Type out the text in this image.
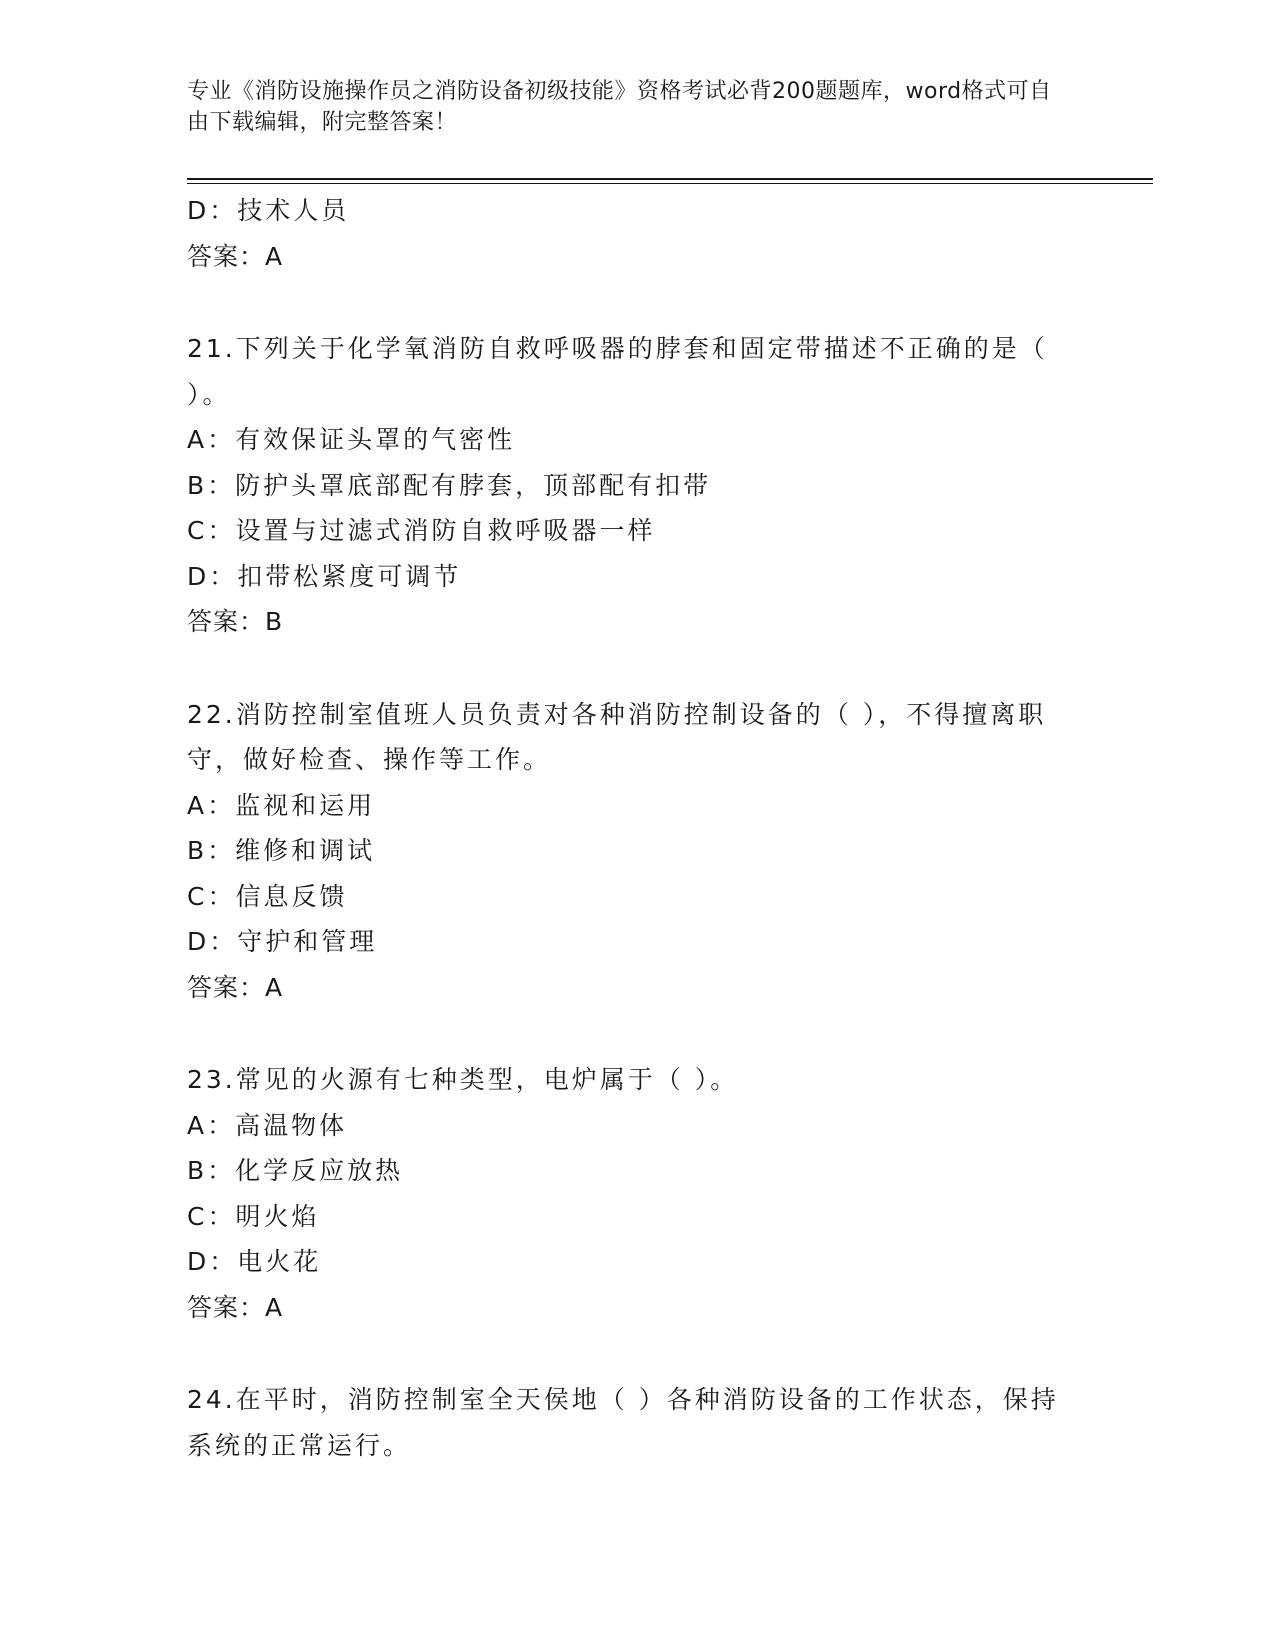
专业《消防设施操作员之消防设备初级技能》资格考试必背200题题库，word格式可自由下载编辑，附完整答案！
D：技术人员
答案：A
21.下列关于化学氧消防自救呼吸器的脖套和固定带描述不正确的是（ ）。
A：有效保证头罩的气密性
B：防护头罩底部配有脖套，顶部配有扣带
C：设置与过滤式消防自救呼吸器一样
D：扣带松紧度可调节
答案：B
22.消防控制室值班人员负责对各种消防控制设备的（ ），不得擅离职守，做好检查、操作等工作。
A：监视和运用
B：维修和调试
C：信息反馈
D：守护和管理
答案：A
23.常见的火源有七种类型，电炉属于（ ）。
A：高温物体
B：化学反应放热
C：明火焰
D：电火花
答案：A
24.在平时，消防控制室全天侯地（ ）各种消防设备的工作状态，保持系统的正常运行。
